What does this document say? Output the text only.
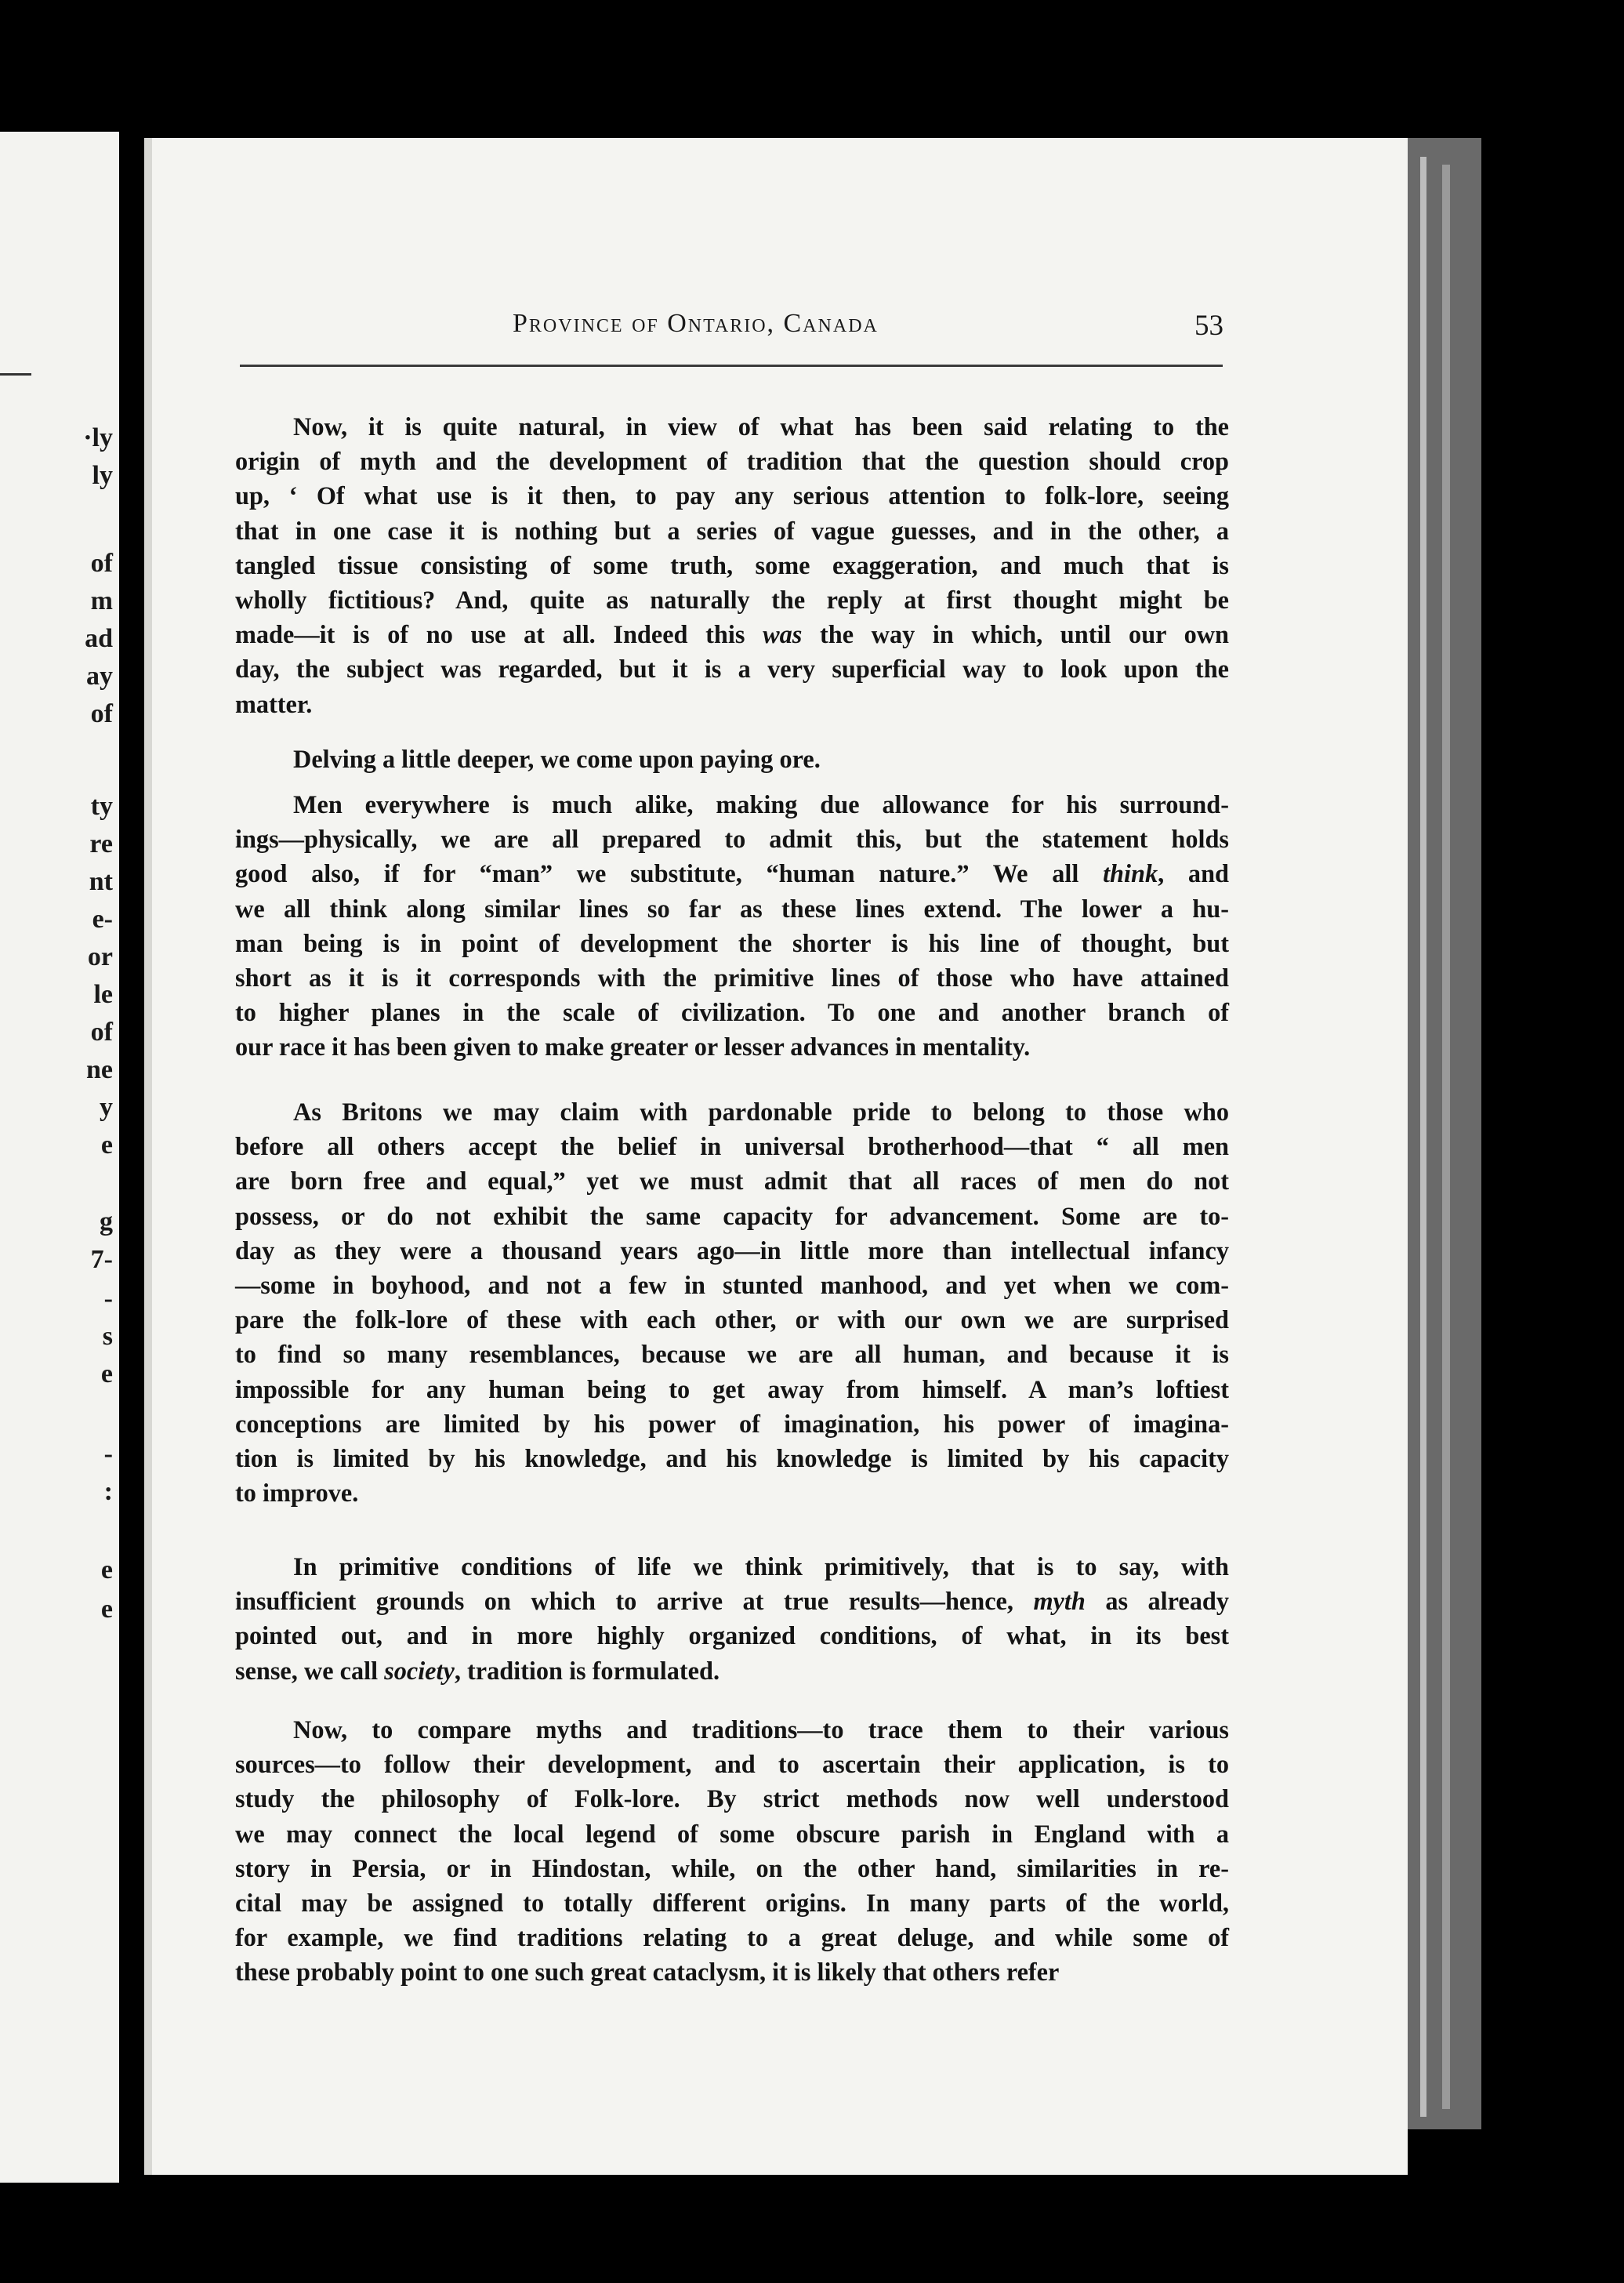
·ly
ly
of
m
ad
ay
of
ty
re
nt
e-
or
le
of
ne
y
e
g
7-
-
s
e
-
:
e
e
Province of Ontario, Canada	53
Now, it is quite natural, in view of what has been said relating to the
origin of myth and the development of tradition that the question should crop
up, ‘ Of what use is it then, to pay any serious attention to folk-lore, seeing
that in one case it is nothing but a series of vague guesses, and in the other, a
tangled tissue consisting of some truth, some exaggeration, and much that is
wholly fictitious? And, quite as naturally the reply at first thought might be
made—it is of no use at all. Indeed this was the way in which, until our own
day, the subject was regarded, but it is a very superficial way to look upon the
matter.
Delving a little deeper, we come upon paying ore.
Men everywhere is much alike, making due allowance for his surround-
ings—physically, we are all prepared to admit this, but the statement holds
good also, if for “man” we substitute, “human nature.” We all think, and
we all think along similar lines so far as these lines extend. The lower a hu-
man being is in point of development the shorter is his line of thought, but
short as it is it corresponds with the primitive lines of those who have attained
to higher planes in the scale of civilization. To one and another branch of
our race it has been given to make greater or lesser advances in mentality.
As Britons we may claim with pardonable pride to belong to those who
before all others accept the belief in universal brotherhood—that “ all men
are born free and equal,” yet we must admit that all races of men do not
possess, or do not exhibit the same capacity for advancement. Some are to-
day as they were a thousand years ago—in little more than intellectual infancy
—some in boyhood, and not a few in stunted manhood, and yet when we com-
pare the folk-lore of these with each other, or with our own we are surprised
to find so many resemblances, because we are all human, and because it is
impossible for any human being to get away from himself. A man’s loftiest
conceptions are limited by his power of imagination, his power of imagina-
tion is limited by his knowledge, and his knowledge is limited by his capacity
to improve.
In primitive conditions of life we think primitively, that is to say, with
insufficient grounds on which to arrive at true results—hence, myth as already
pointed out, and in more highly organized conditions, of what, in its best
sense, we call society, tradition is formulated.
Now, to compare myths and traditions—to trace them to their various
sources—to follow their development, and to ascertain their application, is to
study the philosophy of Folk-lore. By strict methods now well understood
we may connect the local legend of some obscure parish in England with a
story in Persia, or in Hindostan, while, on the other hand, similarities in re-
cital may be assigned to totally different origins. In many parts of the world,
for example, we find traditions relating to a great deluge, and while some of
these probably point to one such great cataclysm, it is likely that others refer
